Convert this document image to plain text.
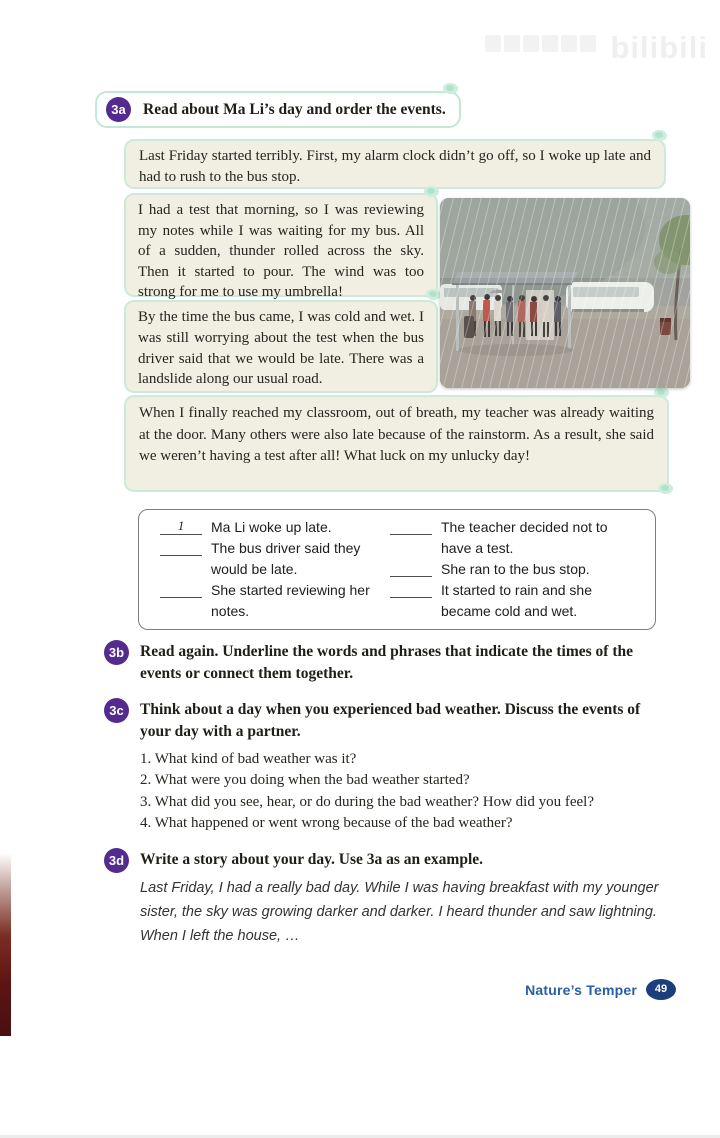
bilibili
3a	Read about Ma Li’s day and order the events.
Last Friday started terribly. First, my alarm clock didn’t go off, so I woke up late and had to rush to the bus stop.
I had a test that morning, so I was reviewing my notes while I was waiting for my bus. All of a sudden, thunder rolled across the sky. Then it started to pour. The wind was too strong for me to use my umbrella!
By the time the bus came, I was cold and wet. I was still worrying about the test when the bus driver said that we would be late. There was a landslide along our usual road.
When I finally reached my classroom, out of breath, my teacher was already waiting at the door. Many others were also late because of the rainstorm. As a result, she said we weren’t having a test after all! What luck on my unlucky day!
1	Ma Li woke up late.
The bus driver said they would be late.
She started reviewing her notes.
The teacher decided not to have a test.
She ran to the bus stop.
It started to rain and she became cold and wet.
3b	Read again. Underline the words and phrases that indicate the times of the events or connect them together.
3c	Think about a day when you experienced bad weather. Discuss the events of your day with a partner.
1. What kind of bad weather was it?
2. What were you doing when the bad weather started?
3. What did you see, hear, or do during the bad weather? How did you feel?
4. What happened or went wrong because of the bad weather?
3d	Write a story about your day. Use 3a as an example.
Last Friday, I had a really bad day. While I was having breakfast with my younger sister, the sky was growing darker and darker. I heard thunder and saw lightning. When I left the house, …
Nature’s Temper	49
